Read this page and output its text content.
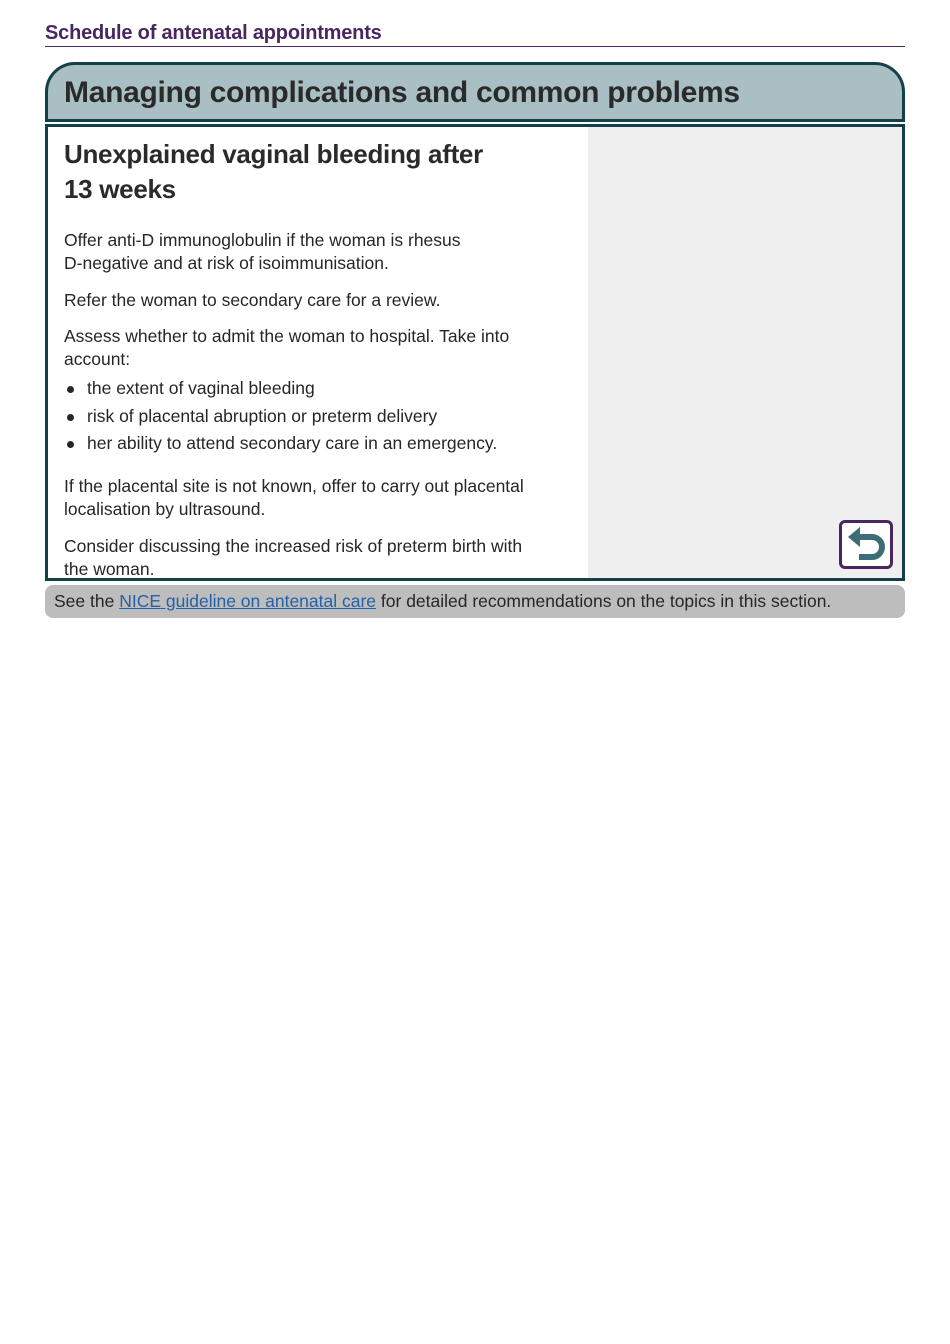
Schedule of antenatal appointments
Managing complications and common problems
Unexplained vaginal bleeding after
13 weeks

Offer anti-D immunoglobulin if the woman is rhesus
D-negative and at risk of isoimmunisation.

Refer the woman to secondary care for a review.

Assess whether to admit the woman to hospital. Take into
account:

the extent of vaginal bleeding
risk of placental abruption or preterm delivery
her ability to attend secondary care in an emergency.

If the placental site is not known, offer to carry out placental
localisation by ultrasound.

Consider discussing the increased risk of preterm birth with
the woman.

See the NICE guideline on antenatal care for detailed recommendations on the topics in this section.
